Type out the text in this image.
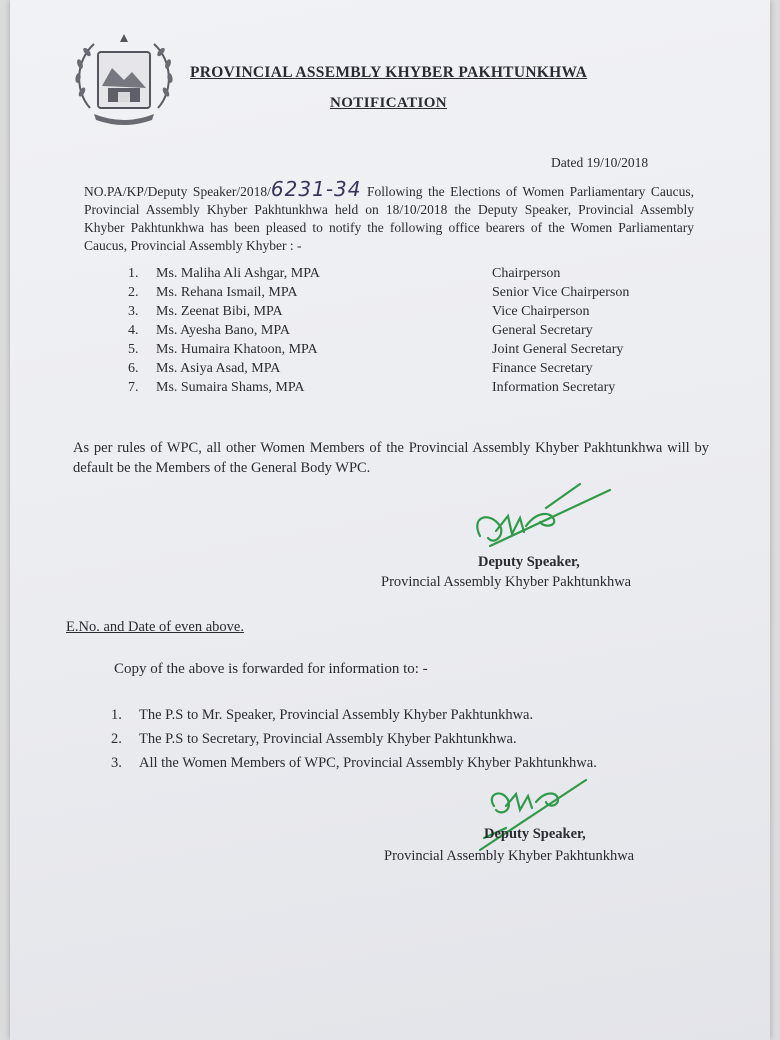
PROVINCIAL ASSEMBLY KHYBER PAKHTUNKHWA
NOTIFICATION
Dated 19/10/2018
NO.PA/KP/Deputy Speaker/2018/6231-34 Following the Elections of Women Parliamentary Caucus, Provincial Assembly Khyber Pakhtunkhwa held on 18/10/2018 the Deputy Speaker, Provincial Assembly Khyber Pakhtunkhwa has been pleased to notify the following office bearers of the Women Parliamentary Caucus, Provincial Assembly Khyber : -
1.	Ms. Maliha Ali Ashgar, MPA	Chairperson
2.	Ms. Rehana Ismail, MPA	Senior Vice Chairperson
3.	Ms. Zeenat Bibi, MPA	Vice Chairperson
4.	Ms. Ayesha Bano, MPA	General Secretary
5.	Ms. Humaira Khatoon, MPA	Joint General Secretary
6.	Ms. Asiya Asad, MPA	Finance Secretary
7.	Ms. Sumaira Shams, MPA	Information Secretary
As per rules of WPC, all other Women Members of the Provincial Assembly Khyber Pakhtunkhwa will by default be the Members of the General Body WPC.
Deputy Speaker,
Provincial Assembly Khyber Pakhtunkhwa
E.No. and Date of even above.
Copy of the above is forwarded for information to: -
1.	The P.S to Mr. Speaker, Provincial Assembly Khyber Pakhtunkhwa.
2.	The P.S to Secretary, Provincial Assembly Khyber Pakhtunkhwa.
3.	All the Women Members of WPC, Provincial Assembly Khyber Pakhtunkhwa.
Deputy Speaker,
Provincial Assembly Khyber Pakhtunkhwa
